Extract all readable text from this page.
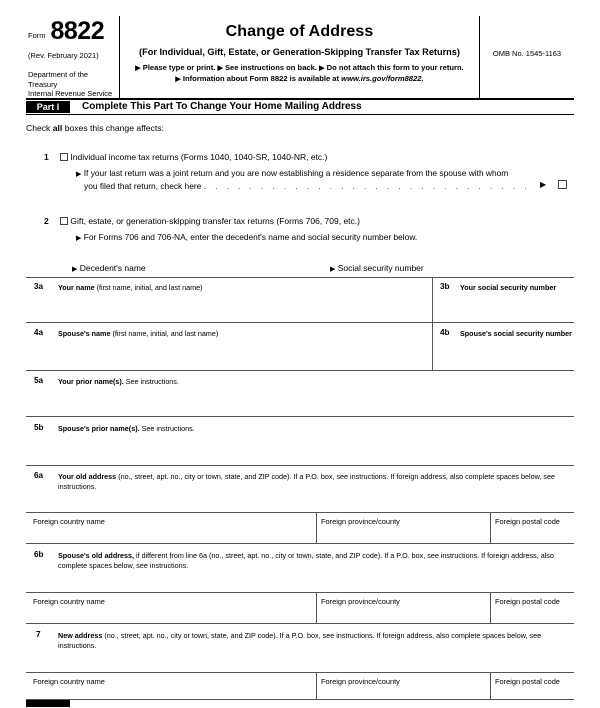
Form 8822
(Rev. February 2021)
Department of the Treasury
Internal Revenue Service
Change of Address
(For Individual, Gift, Estate, or Generation-Skipping Transfer Tax Returns)
▶ Please type or print. ▶ See instructions on back. ▶ Do not attach this form to your return.
▶ Information about Form 8822 is available at www.irs.gov/form8822.
OMB No. 1545-1163
Part I	Complete This Part To Change Your Home Mailing Address
Check all boxes this change affects:
1	Individual income tax returns (Forms 1040, 1040-SR, 1040-NR, etc.)
▶ If your last return was a joint return and you are now establishing a residence separate from the spouse with whom
you filed that return, check here . . . . . . . . . . . . . . . . . . . . . . . . . . . . . ▶
2	Gift, estate, or generation-skipping transfer tax returns (Forms 706, 709, etc.)
▶ For Forms 706 and 706-NA, enter the decedent's name and social security number below.
▶ Decedent's name	▶ Social security number
3a Your name (first name, initial, and last name)	3b Your social security number
4a Spouse's name (first name, initial, and last name)	4b Spouse's social security number
5a Your prior name(s). See instructions.
5b Spouse's prior name(s). See instructions.
6a Your old address (no., street, apt. no., city or town, state, and ZIP code). If a P.O. box, see instructions. If foreign address, also complete spaces below, see instructions.
Foreign country name	Foreign province/county	Foreign postal code
6b Spouse's old address, if different from line 6a (no., street, apt. no., city or town, state, and ZIP code). If a P.O. box, see instructions. If foreign address, also complete spaces below, see instructions.
Foreign country name	Foreign province/county	Foreign postal code
7 New address (no., street, apt. no., city or town, state, and ZIP code). If a P.O. box, see instructions. If foreign address, also complete spaces below, see instructions.
Foreign country name	Foreign province/county	Foreign postal code
